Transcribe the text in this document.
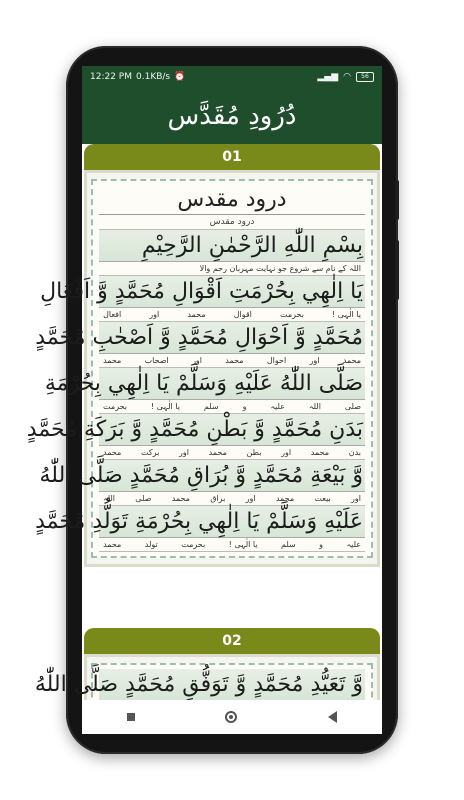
12:22 PM 0.1KB/s ⏰	▂▄▆ ◠	56
دُرُودِ مُقَدَّس
01
درود مقدس
درود مقدس
بِسْمِ اللّٰهِ الرَّحْمٰنِ الرَّحِيْمِ
اللہ کے نام سے شروع جو نہایت مہربان رحم والا
يَا اِلٰهِي بِحُرْمَتِ اَقْوَالِ مُحَمَّدٍ وَّ اَفْعَالِ
یا الٰہی !
بحرمت
اقوال
محمد
اور
افعال
مُحَمَّدٍ وَّ اَحْوَالِ مُحَمَّدٍ وَّ اَصْحٰبِ مُحَمَّدٍ
محمد
اور
احوال
محمد
اور
اصحاب
محمد
صَلَّى اللّٰهُ عَلَيْهِ وَسَلَّمْ يَا اِلٰهِي بِحُرْمَةِ
صلی
اللہ
علیہ
و
سلم
یا الٰہی !
بحرمت
بَدَنِ مُحَمَّدٍ وَّ بَطْنِ مُحَمَّدٍ وَّ بَرَكَةِ مُحَمَّدٍ
بدن
محمد
اور
بطن
محمد
اور
برکت
محمد
وَّ بَيْعَةِ مُحَمَّدٍ وَّ بُرَاقِ مُحَمَّدٍ صَلَّى اللّٰهُ
اور
بیعت
محمد
اور
براق
محمد
صلی
اللہ
عَلَيْهِ وَسَلَّمْ يَا اِلٰهِي بِحُرْمَةِ تَوَلُّدِ مُحَمَّدٍ
علیہ
و
سلم
یا الٰہی !
بحرمت
تولد
محمد
02
وَّ تَعَيُّدِ مُحَمَّدٍ وَّ تَوَفُّقِ مُحَمَّدٍ صَلَّى اللّٰهُ
